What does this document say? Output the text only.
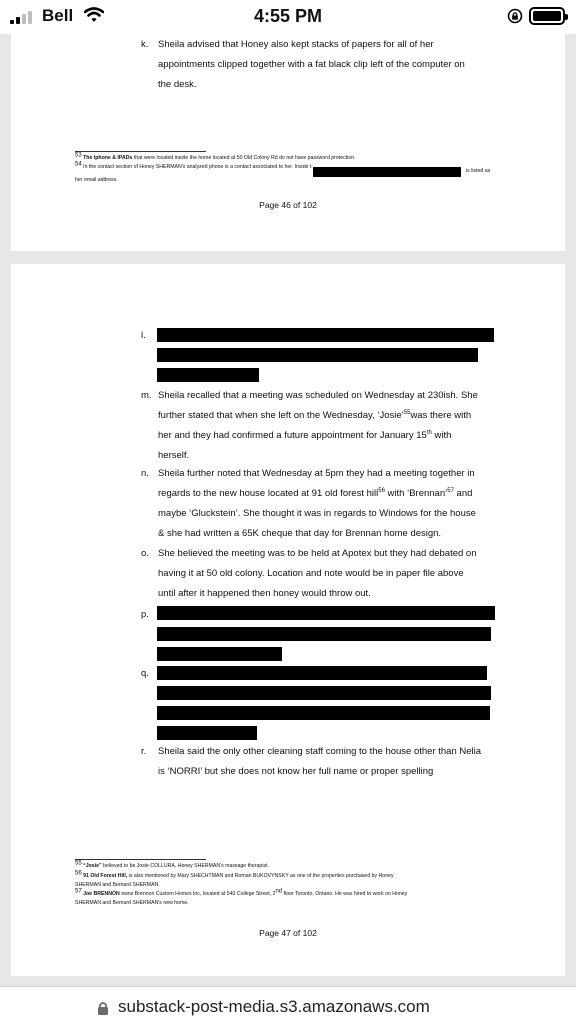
Bell	4:55 PM
k.	Sheila advised that Honey also kept stacks of papers for all of her
appointments clipped together with a fat black clip left of the computer on
the desk.
$^{53}$ The Iphone & IPADs that were located inside the home located at 50 Old Colony Rd do not have password protection.
$^{54}$ In the contact section of Honey SHERMAN's analyzed phone is a contact associated to her. Inside t
is listed as
her email address.
Page 46 of 102
l.
m. Sheila recalled that a meeting was scheduled on Wednesday at 230ish. She
further stated that when she left on the Wednesday, ‘Josie’$^{55}$was there with
her and they had confirmed a future appointment for January 15th with
herself.
n. Sheila further noted that Wednesday at 5pm they had a meeting together in
regards to the new house located at 91 old forest hill$^{56}$ with ‘Brennan’$^{57}$ and
maybe ‘Gluckstein’. She thought it was in regards to Windows for the house
& she had written a 65K cheque that day for Brennan home design.
o. She believed the meeting was to be held at Apotex but they had debated on
having it at 50 old colony. Location and note would be in paper file above
until after it happened then honey would throw out.
p.
q.
r.	Sheila said the only other cleaning staff coming to the house other than Nelia
is ‘NORRI’ but she does not know her full name or proper spelling
$^{55}$ “Josie” believed to be Josie COLLURA, Honey SHERMAN's massage therapist.
$^{56}$ 91 Old Forest Hill, is also mentioned by Mary SHECHTMAN and Roman BUKOVYNSKY as one of the properties purchased by Honey
SHERMAN and Bernard SHERMAN.
$^{57}$ Joe BRENNON owns Brennon Custom Homes Inc, located at 540 College Street, 2nd floor Toronto, Ontario. He was hired to work on Honey
SHERMAN and Bernard SHERMAN's new home.
Page 47 of 102
substack-post-media.s3.amazonaws.com
